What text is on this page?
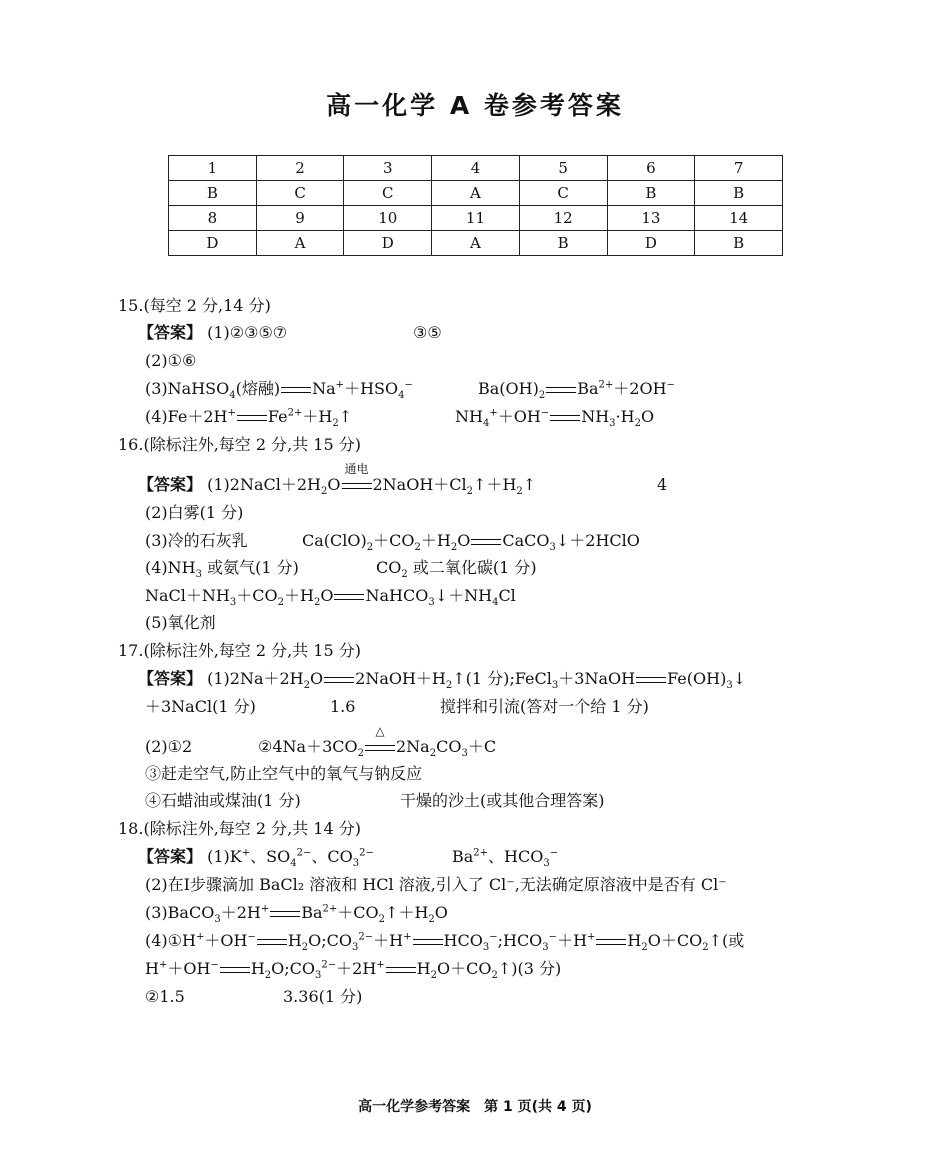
高一化学 A 卷参考答案
1	2	3	4	5	6	7
B	C	C	A	C	B	B
8	9	10	11	12	13	14
D	A	D	A	B	D	B
15.(每空 2 分,14 分)
【答案】 (1)②③⑤⑦	③⑤
(2)①⑥
(3)NaHSO$_4$(熔融) $Na^++HSO_4^-$	$Ba(OH)_2$ $Ba^{2+}+2OH^-$
(4)Fe＋2H+ $Fe^{2+}+H_2↑$	$NH_4^++OH^-$ $NH_3\cdot H_2O$
16.(除标注外,每空 2 分,共 15 分)
【答案】 $(1)2NaCl+2H_2O$
通电
$2NaOH+Cl_2↑+H_2↑$	4
(2)白雾(1 分)
(3)冷的石灰乳	$Ca(ClO)_2+CO_2+H_2O$ CaCO$_3$↓＋2HClO
$(4)NH_3$ 或氨气(1 分)	$CO_2$ 或二氧化碳(1 分)
$NaCl+NH_3+CO_2+H_2O$ $NaHCO_3↓+NH_4Cl$
(5)氧化剂
17.(除标注外,每空 2 分,共 15 分)
【答案】 $(1)2Na+2H_2O$ $2NaOH+H_2↑(1$ 分);FeCl$_3$＋3NaOH $Fe(OH)_3↓$
＋3NaCl(1 分)	1.6	搅拌和引流(答对一个给 1 分)
(2)①2	$②4Na+3CO_2$
△
$2Na_2CO_3+C$
③赶走空气,防止空气中的氧气与钠反应
④石蜡油或煤油(1 分)	干燥的沙土(或其他合理答案)
18.(除标注外,每空 2 分,共 14 分)
【答案】 (1)K+、$SO_4^{2-}$、$CO_3^{2-}$	$Ba^{2+}$、$HCO_3^-$
(2)在Ⅰ步骤滴加 BaCl₂ 溶液和 HCl 溶液,引入了 Cl⁻,无法确定原溶液中是否有 Cl⁻
(3)BaCO$_3$＋2H+ $Ba^{2+}+CO_2↑+H_2O$
(4)①H+＋OH− $H_2O;CO_3^{2-}+H^+$ $HCO_3^-;HCO_3^-+H^+$ $H_2O+CO_2↑$(或
H+＋OH− $H_2O;CO_3^{2-}+2H^+$ $H_2O+CO_2↑)(3$ 分)
②1.5	3.36(1 分)
高一化学参考答案　第 1 页(共 4 页)
